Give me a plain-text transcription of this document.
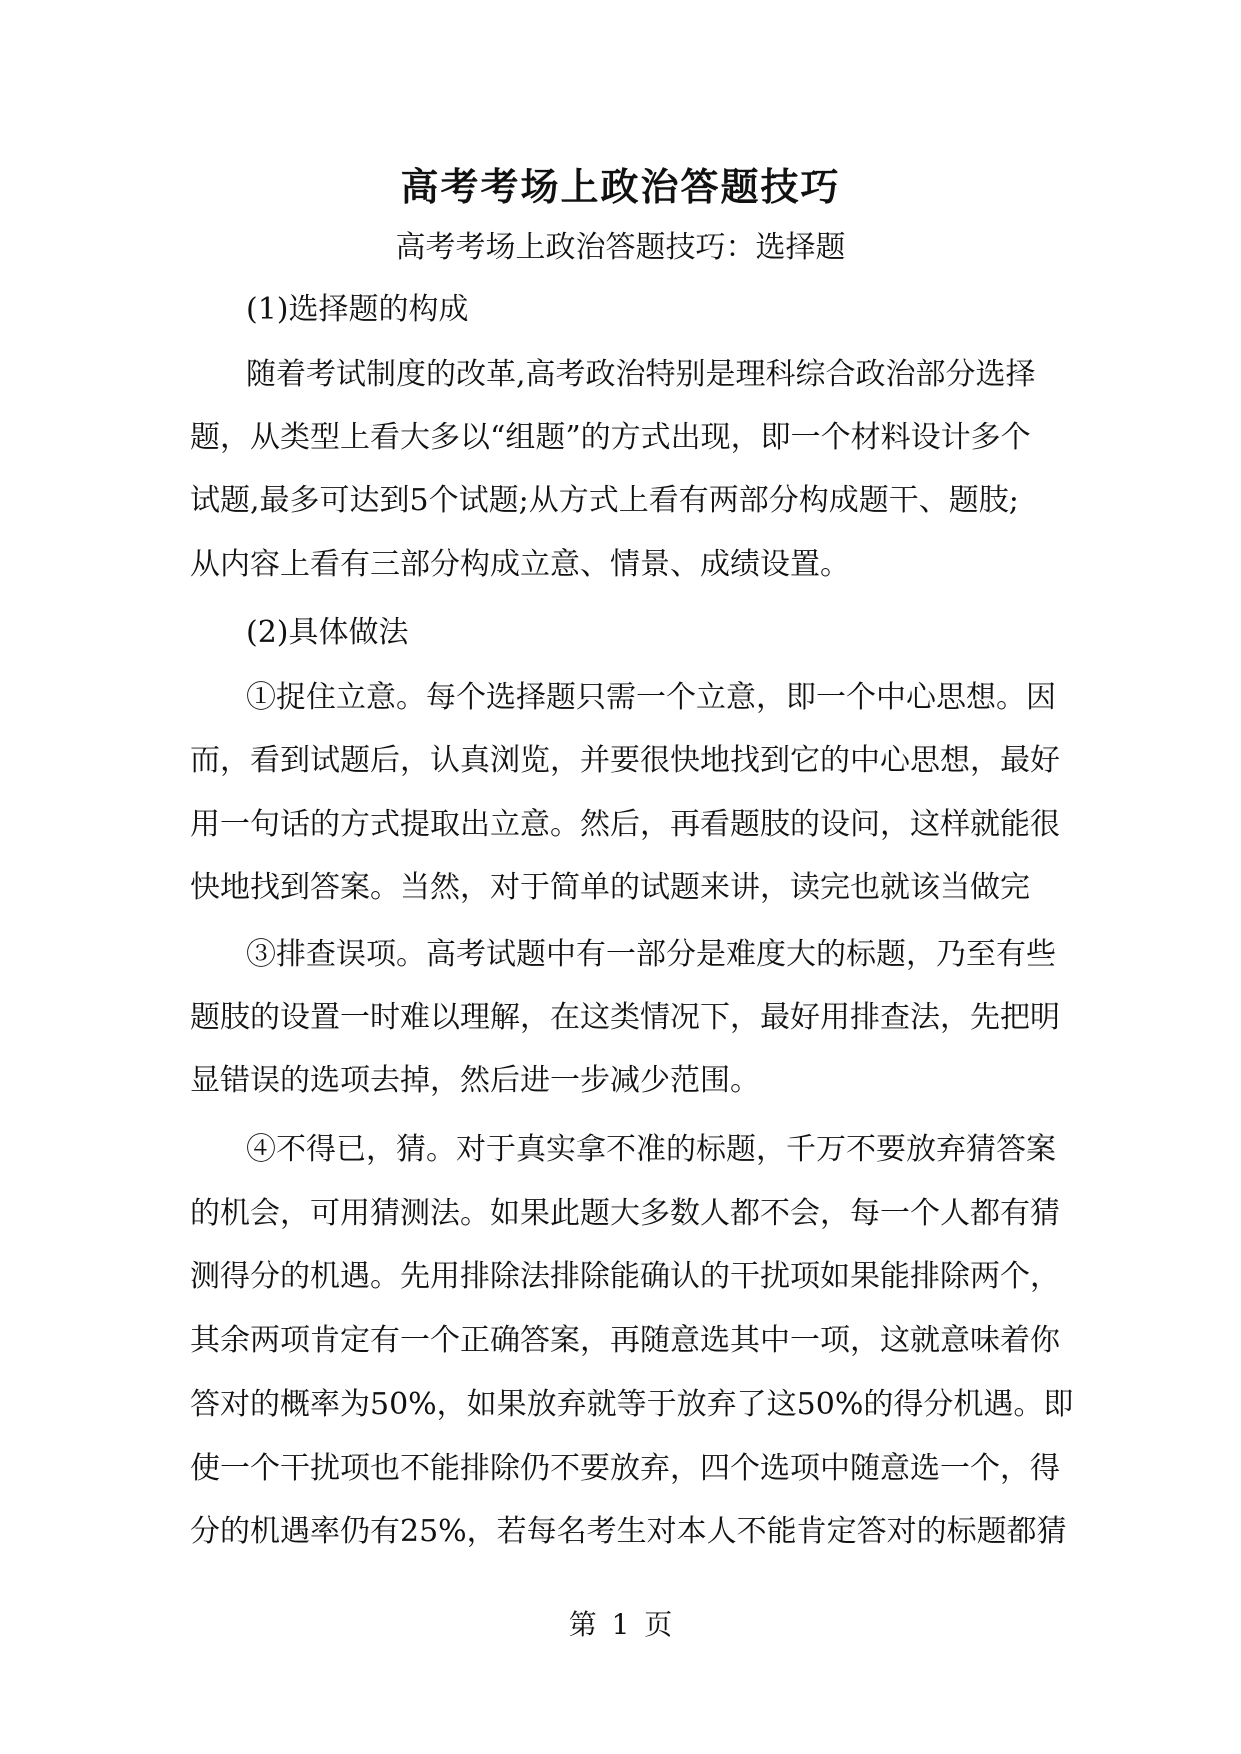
高考考场上政治答题技巧
高考考场上政治答题技巧：选择题
(1)选择题的构成
随着考试制度的改革,高考政治特别是理科综合政治部分选择
题，从类型上看大多以“组题”的方式出现，即一个材料设计多个
试题,最多可达到5个试题;从方式上看有两部分构成题干、题肢;
从内容上看有三部分构成立意、情景、成绩设置。
(2)具体做法
①捉住立意。每个选择题只需一个立意，即一个中心思想。因
而，看到试题后，认真浏览，并要很快地找到它的中心思想，最好
用一句话的方式提取出立意。然后，再看题肢的设问，这样就能很
快地找到答案。当然，对于简单的试题来讲，读完也就该当做完
③排查误项。高考试题中有一部分是难度大的标题，乃至有些
题肢的设置一时难以理解，在这类情况下，最好用排查法，先把明
显错误的选项去掉，然后进一步减少范围。
④不得已，猜。对于真实拿不准的标题，千万不要放弃猜答案
的机会，可用猜测法。如果此题大多数人都不会，每一个人都有猜
测得分的机遇。先用排除法排除能确认的干扰项如果能排除两个，
其余两项肯定有一个正确答案，再随意选其中一项，这就意味着你
答对的概率为50%，如果放弃就等于放弃了这50%的得分机遇。即
使一个干扰项也不能排除仍不要放弃，四个选项中随意选一个，得
分的机遇率仍有25%，若每名考生对本人不能肯定答对的标题都猜
第 1 页
